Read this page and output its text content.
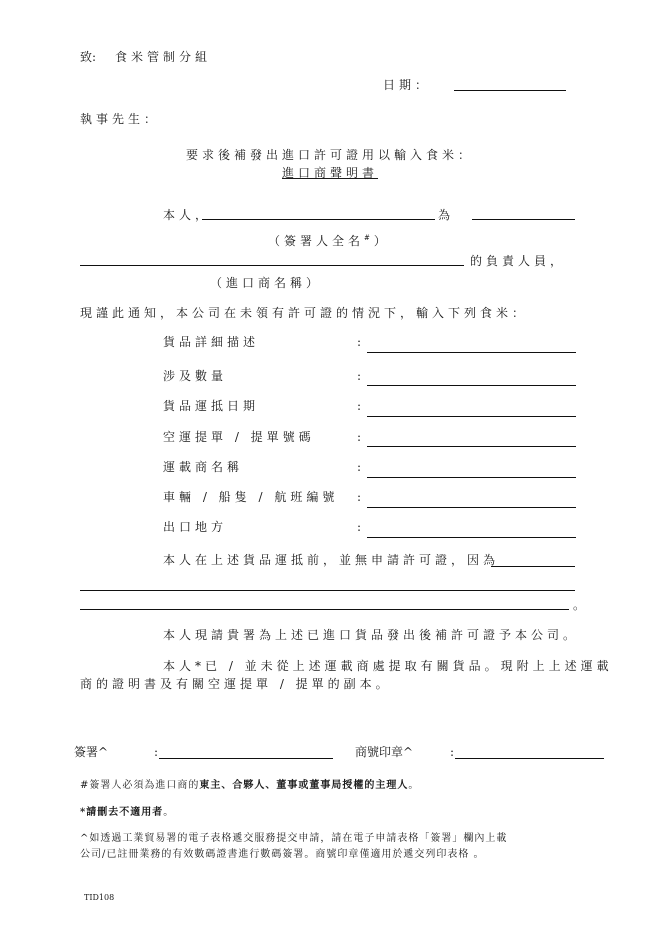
致: 食米管制分組
日期：
執事先生：
要求後補發出進口許可證用以輸入食米：
進口商聲明書
本人，	為
（簽署人全名#）
的負責人員，
（進口商名稱）
現謹此通知，本公司在未領有許可證的情況下，輸入下列食米：
貨品詳細描述	:
涉及數量	:
貨品運抵日期	:
空運提單 / 提單號碼	:
運載商名稱	:
車輛 / 船隻 / 航班編號 :
出口地方	:
本人在上述貨品運抵前，並無申請許可證，因為
。
本人現請貴署為上述已進口貨品發出後補許可證予本公司。
本人*已 / 並未從上述運載商處提取有關貨品。現附上上述運載
商的證明書及有關空運提單 / 提單的副本。
簽署^	:	商號印章^	:
#簽署人必須為進口商的東主、合夥人、董事或董事局授權的主理人。
*請刪去不適用者。
^如透過工業貿易署的電子表格遞交服務提交申請，請在電子申請表格「簽署」欄內上載
公司/已註冊業務的有效數碼證書進行數碼簽署。商號印章僅適用於遞交列印表格 。
TID108
